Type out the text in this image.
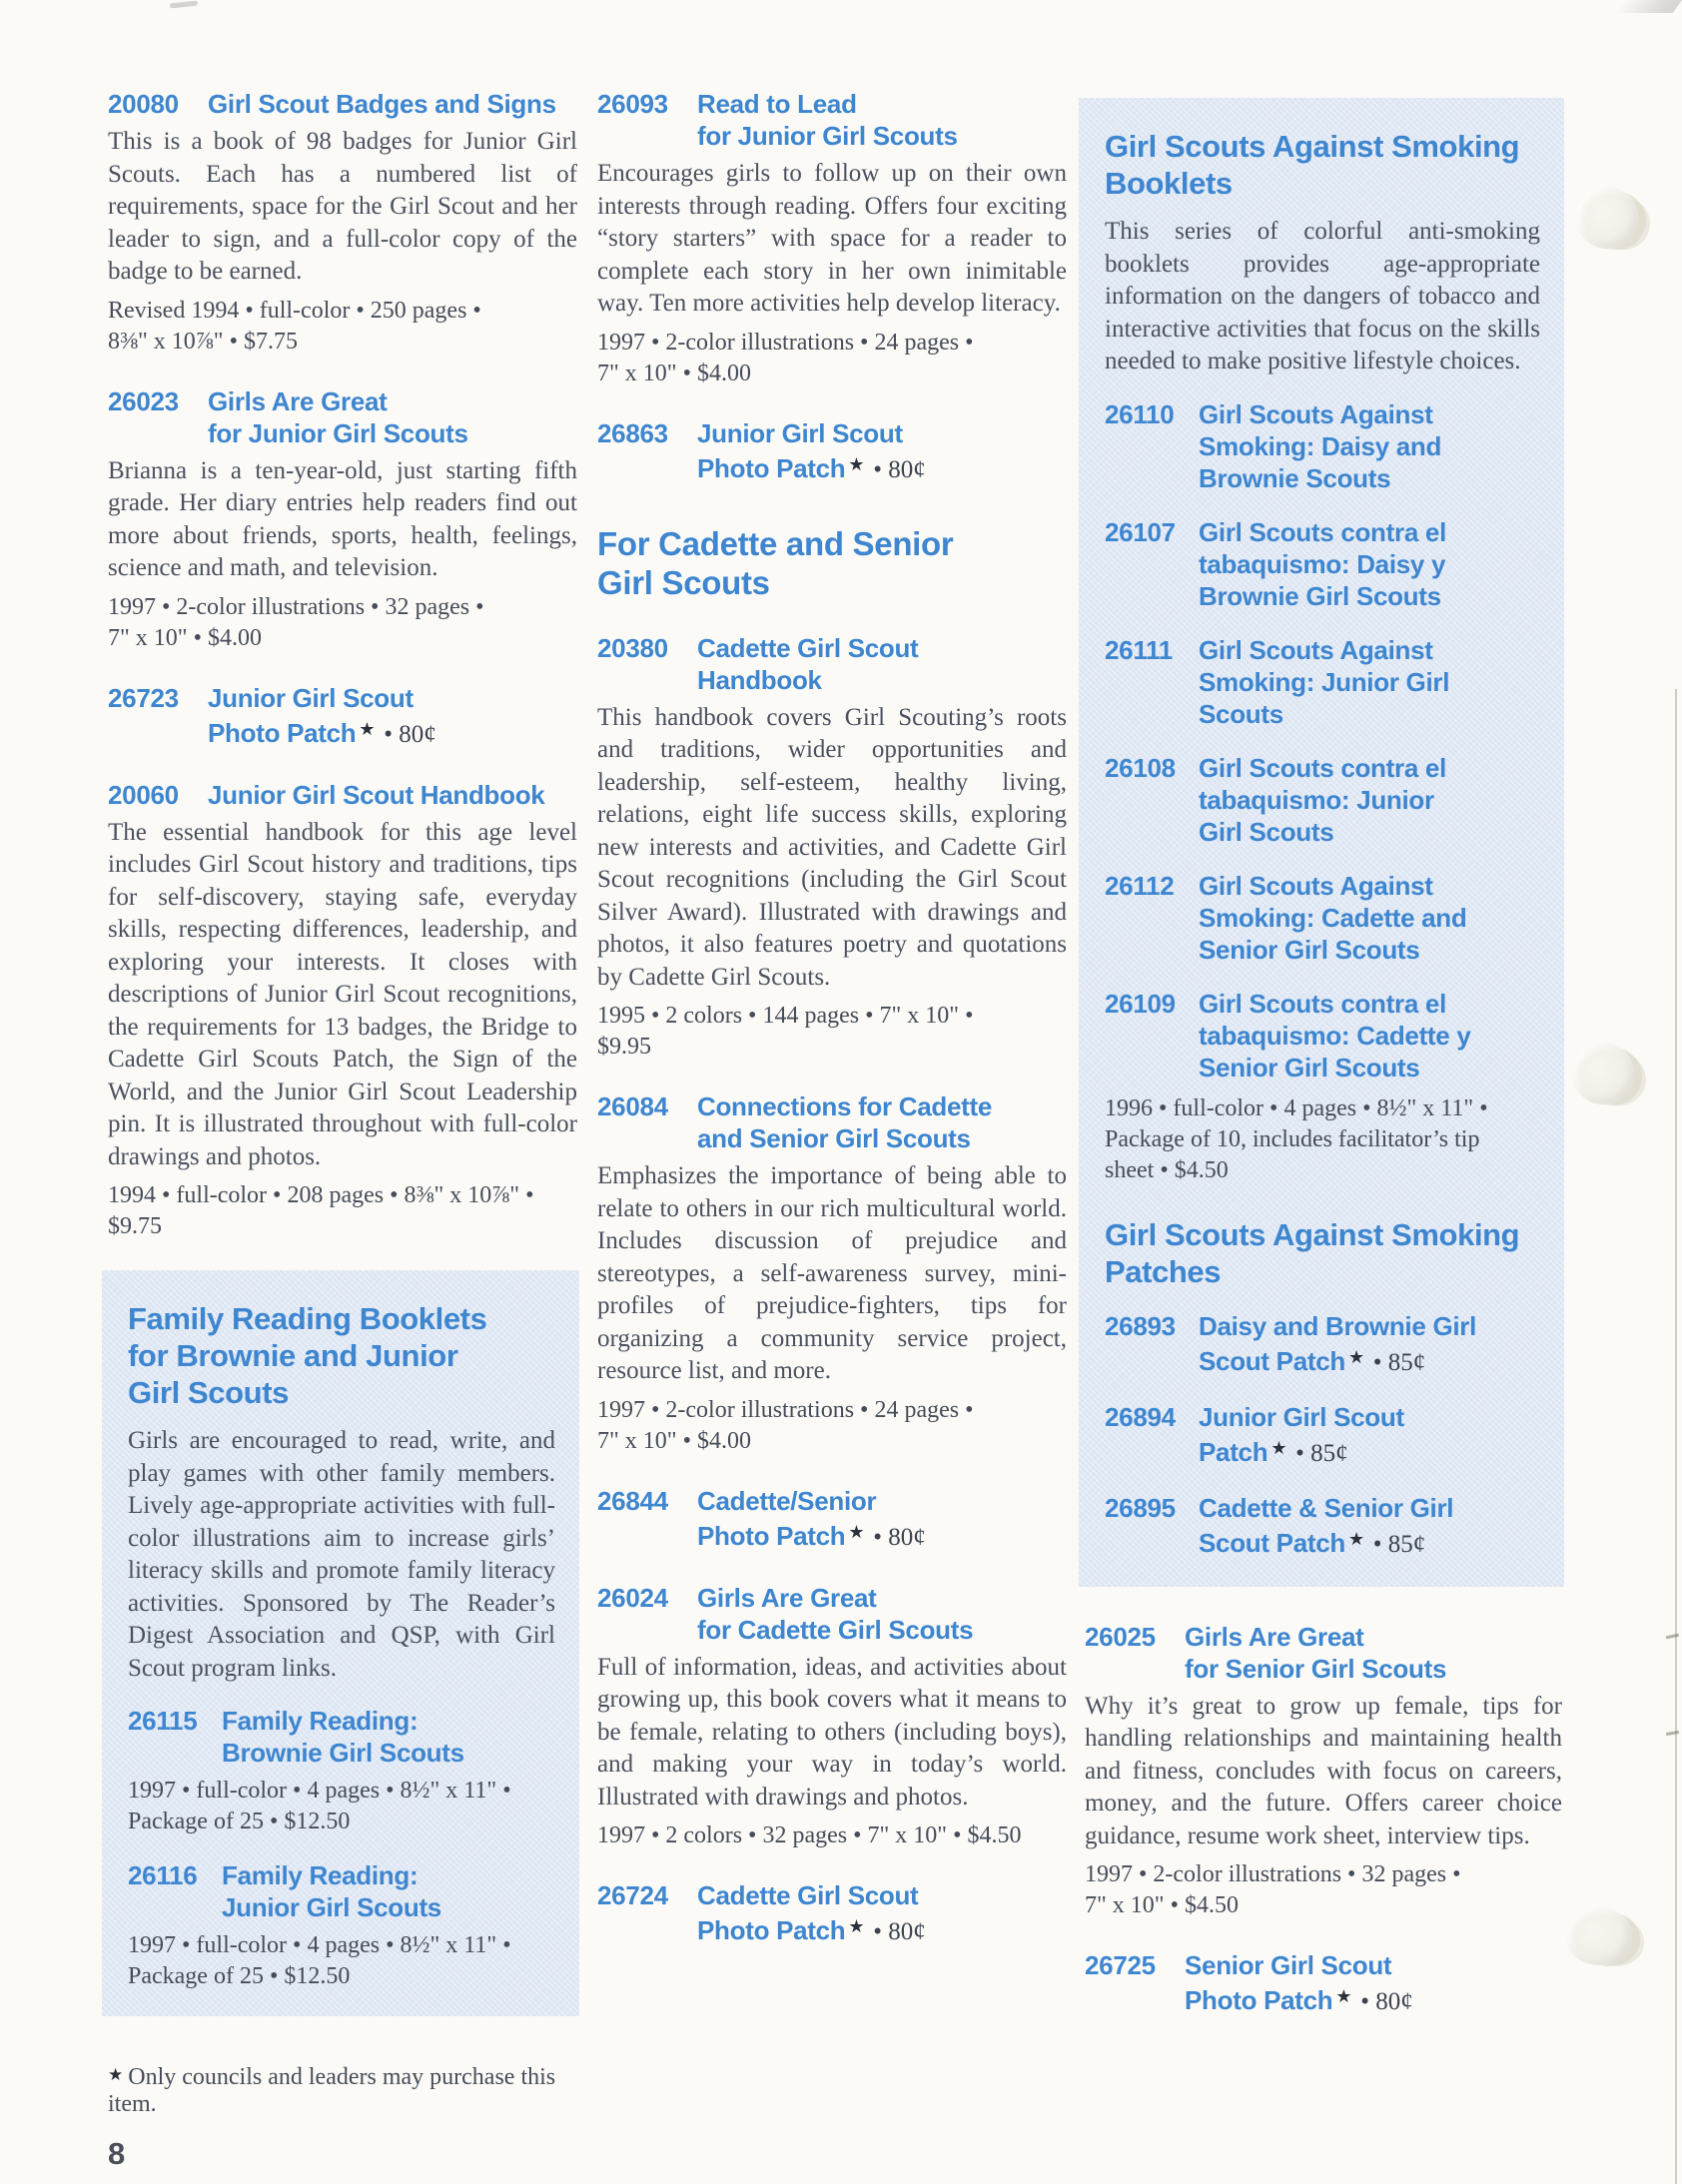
20080	Girl Scout Badges and Signs

This is a book of 98 badges for Junior Girl Scouts. Each has a numbered list of requirements, space for the Girl Scout and her leader to sign, and a full-color copy of the badge to be earned.

Revised 1994 • full-color • 250 pages •
8⅜" x 10⅞" • $7.75
26023	Girls Are Great
for Junior Girl Scouts

Brianna is a ten-year-old, just starting fifth grade. Her diary entries help readers find out more about friends, sports, health, feelings, science and math, and television.

1997 • 2-color illustrations • 32 pages •
7" x 10" • $4.00
26723	Junior Girl Scout
Photo Patch ★ • 80¢
20060	Junior Girl Scout Handbook

The essential handbook for this age level includes Girl Scout history and traditions, tips for self-discovery, staying safe, everyday skills, respecting differences, leadership, and exploring your interests. It closes with descriptions of Junior Girl Scout recognitions, the requirements for 13 badges, the Bridge to Cadette Girl Scouts Patch, the Sign of the World, and the Junior Girl Scout Leadership pin. It is illustrated throughout with full-color drawings and photos.

1994 • full-color • 208 pages • 8⅜" x 10⅞" •
$9.75
Family Reading Booklets
for Brownie and Junior
Girl Scouts

Girls are encouraged to read, write, and play games with other family members. Lively age-appropriate activities with full-color illustrations aim to increase girls’ literacy skills and promote family literacy activities. Sponsored by The Reader’s Digest Association and QSP, with Girl Scout program links.

26115 Family Reading:
Brownie Girl Scouts
1997 • full-color • 4 pages • 8½" x 11" •
Package of 25 • $12.50
26116 Family Reading:
Junior Girl Scouts
1997 • full-color • 4 pages • 8½" x 11" •
Package of 25 • $12.50
★ Only councils and leaders may purchase this item.
8
26093	Read to Lead
for Junior Girl Scouts

Encourages girls to follow up on their own interests through reading. Offers four exciting “story starters” with space for a reader to complete each story in her own inimitable way. Ten more activities help develop literacy.

1997 • 2-color illustrations • 24 pages •
7" x 10" • $4.00
26863	Junior Girl Scout
Photo Patch ★ • 80¢
For Cadette and Senior
Girl Scouts
20380	Cadette Girl Scout
Handbook

This handbook covers Girl Scouting’s roots and traditions, wider opportunities and leadership, self-esteem, healthy living, relations, eight life success skills, exploring new interests and activities, and Cadette Girl Scout recognitions (including the Girl Scout Silver Award). Illustrated with drawings and photos, it also features poetry and quotations by Cadette Girl Scouts.

1995 • 2 colors • 144 pages • 7" x 10" •
$9.95
26084	Connections for Cadette
and Senior Girl Scouts

Emphasizes the importance of being able to relate to others in our rich multicultural world. Includes discussion of prejudice and stereotypes, a self-awareness survey, mini-profiles of prejudice-fighters, tips for organizing a community service project, resource list, and more.

1997 • 2-color illustrations • 24 pages •
7" x 10" • $4.00
26844	Cadette/Senior
Photo Patch ★ • 80¢
26024	Girls Are Great
for Cadette Girl Scouts

Full of information, ideas, and activities about growing up, this book covers what it means to be female, relating to others (including boys), and making your way in today’s world. Illustrated with drawings and photos.

1997 • 2 colors • 32 pages • 7" x 10" • $4.50
26724	Cadette Girl Scout
Photo Patch ★ • 80¢
Girl Scouts Against Smoking
Booklets

This series of colorful anti-smoking booklets provides age-appropriate information on the dangers of tobacco and interactive activities that focus on the skills needed to make positive lifestyle choices.

26110 Girl Scouts Against
Smoking: Daisy and
Brownie Scouts
26107 Girl Scouts contra el
tabaquismo: Daisy y
Brownie Girl Scouts
26111	Girl Scouts Against
Smoking: Junior Girl
Scouts
26108 Girl Scouts contra el
tabaquismo: Junior
Girl Scouts
26112 Girl Scouts Against
Smoking: Cadette and
Senior Girl Scouts
26109 Girl Scouts contra el
tabaquismo: Cadette y
Senior Girl Scouts
1996 • full-color • 4 pages • 8½" x 11" •
Package of 10, includes facilitator’s tip
sheet • $4.50
Girl Scouts Against Smoking
Patches
26893 Daisy and Brownie Girl
Scout Patch ★ • 85¢
26894 Junior Girl Scout
Patch ★ • 85¢
26895 Cadette & Senior Girl
Scout Patch ★ • 85¢
26025	Girls Are Great
for Senior Girl Scouts

Why it’s great to grow up female, tips for handling relationships and maintaining health and fitness, concludes with focus on careers, money, and the future. Offers career choice guidance, resume work sheet, interview tips.

1997 • 2-color illustrations • 32 pages •
7" x 10" • $4.50
26725	Senior Girl Scout
Photo Patch ★ • 80¢
